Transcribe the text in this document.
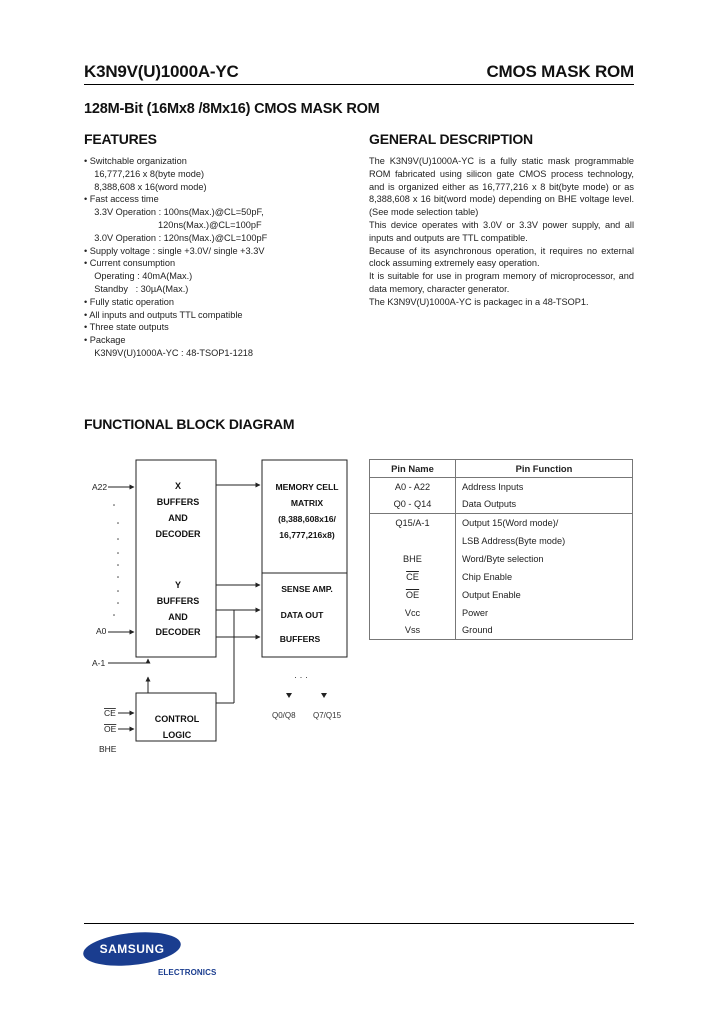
K3N9V(U)1000A-YC	CMOS MASK ROM
128M-Bit (16Mx8 /8Mx16) CMOS MASK ROM
FEATURES
• Switchable organization
16,777,216 x 8(byte mode)
8,388,608 x 16(word mode)
• Fast access time
3.3V Operation : 100ns(Max.)@CL=50pF,
120ns(Max.)@CL=100pF
3.0V Operation : 120ns(Max.)@CL=100pF
• Supply voltage : single +3.0V/ single +3.3V
• Current consumption
Operating : 40mA(Max.)
Standby   : 30µA(Max.)
• Fully static operation
• All inputs and outputs TTL compatible
• Three state outputs
• Package
K3N9V(U)1000A-YC : 48-TSOP1-1218
GENERAL DESCRIPTION

The K3N9V(U)1000A-YC is a fully static mask programmable ROM fabricated using silicon gate CMOS process technology, and is organized either as 16,777,216 x 8 bit(byte mode) or as 8,388,608 x 16 bit(word mode) depending on BHE voltage level.(See mode selection table)

This device operates with 3.0V or 3.3V power supply, and all inputs and outputs are TTL compatible.

Because of its asynchronous operation, it requires no external clock assuming extremely easy operation.

It is suitable for use in program memory of microprocessor, and data memory, character generator.

The K3N9V(U)1000A-YC is packagec in a 48-TSOP1.

FUNCTIONAL BLOCK DIAGRAM
X
BUFFERS
AND
DECODER
Y
BUFFERS
AND
DECODER
MEMORY CELL
MATRIX
(8,388,608x16/
16,777,216x8)
SENSE AMP.
DATA OUT
BUFFERS
A22
A0
A-1
CONTROL
LOGIC
CE
OE
BHE
· · ·
Q0/Q8 Q7/Q15
Pin Name	Pin Function
A0 - A22	Address Inputs
Q0 - Q14	Data Outputs
Q15/A-1	Output 15(Word mode)/
	LSB Address(Byte mode)
BHE	Word/Byte selection
$\overline{CE}$	Chip Enable
$\overline{OE}$	Output Enable
Vcc	Power
Vss	Ground
SAMSUNG
ELECTRONICS
